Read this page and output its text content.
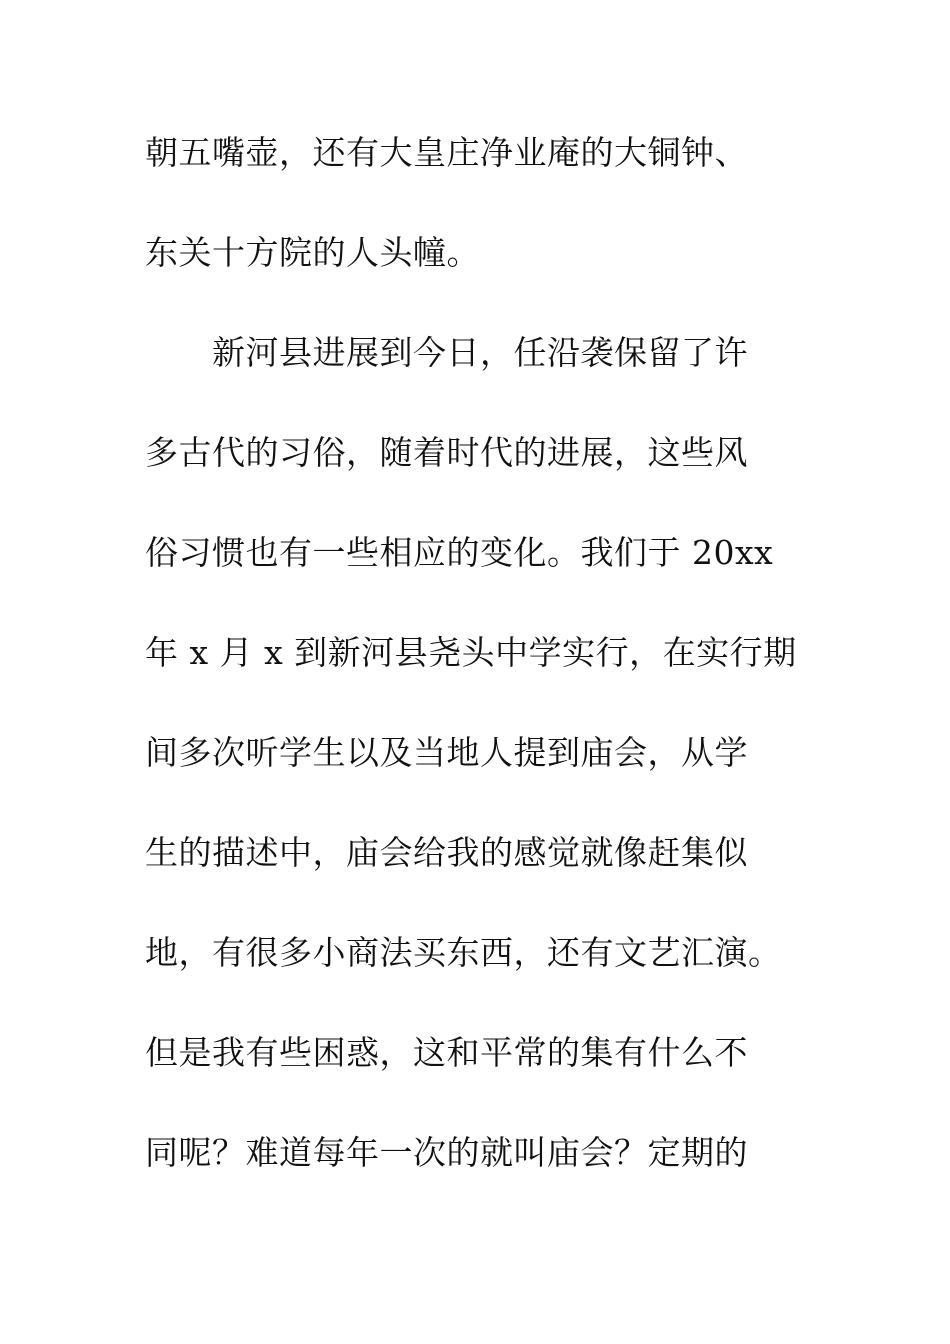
朝五嘴壶，还有大皇庄净业庵的大铜钟、
东关十方院的人头幢。
　　新河县进展到今日，任沿袭保留了许
多古代的习俗，随着时代的进展，这些风
俗习惯也有一些相应的变化。我们于 20xx
年 x 月 x 到新河县尧头中学实行，在实行期
间多次听学生以及当地人提到庙会，从学
生的描述中，庙会给我的感觉就像赶集似
地，有很多小商法买东西，还有文艺汇演。
但是我有些困惑，这和平常的集有什么不
同呢？难道每年一次的就叫庙会？定期的
